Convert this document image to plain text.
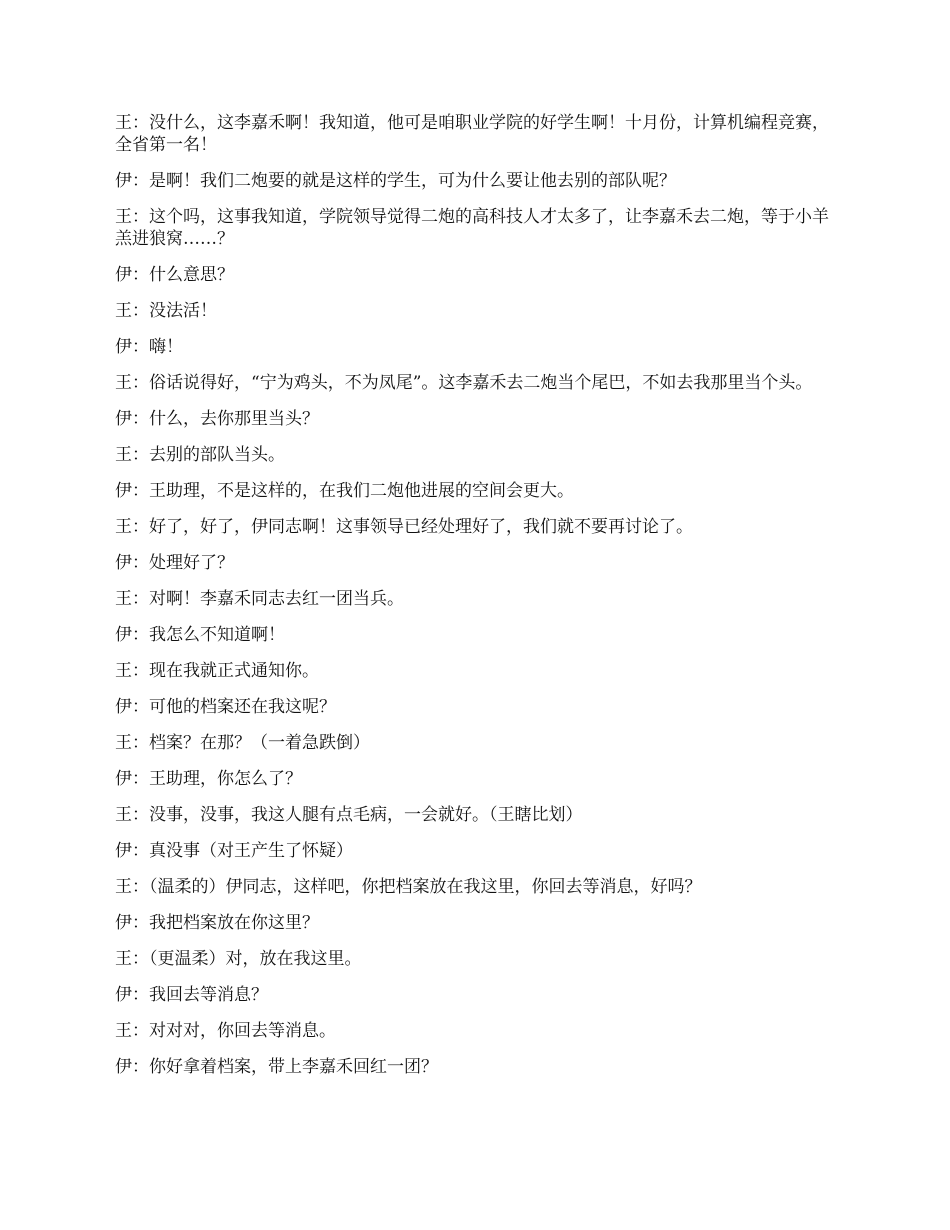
王：没什么，这李嘉禾啊！我知道，他可是咱职业学院的好学生啊！十月份，计算机编程竞赛，全省第一名！

伊：是啊！我们二炮要的就是这样的学生，可为什么要让他去别的部队呢？

王：这个吗，这事我知道，学院领导觉得二炮的高科技人才太多了，让李嘉禾去二炮，等于小羊羔进狼窝……？

伊：什么意思？

王：没法活！

伊：嗨！

王：俗话说得好，“宁为鸡头，不为凤尾”。这李嘉禾去二炮当个尾巴，不如去我那里当个头。

伊：什么，去你那里当头？

王：去别的部队当头。

伊：王助理，不是这样的，在我们二炮他进展的空间会更大。

王：好了，好了，伊同志啊！这事领导已经处理好了，我们就不要再讨论了。

伊：处理好了？

王：对啊！李嘉禾同志去红一团当兵。

伊：我怎么不知道啊！

王：现在我就正式通知你。

伊：可他的档案还在我这呢？

王：档案？在那？（一着急跌倒）

伊：王助理，你怎么了？

王：没事，没事，我这人腿有点毛病，一会就好。（王瞎比划）

伊：真没事（对王产生了怀疑）

王：（温柔的）伊同志，这样吧，你把档案放在我这里，你回去等消息，好吗？

伊：我把档案放在你这里？

王：（更温柔）对，放在我这里。

伊：我回去等消息？

王：对对对，你回去等消息。

伊：你好拿着档案，带上李嘉禾回红一团？
